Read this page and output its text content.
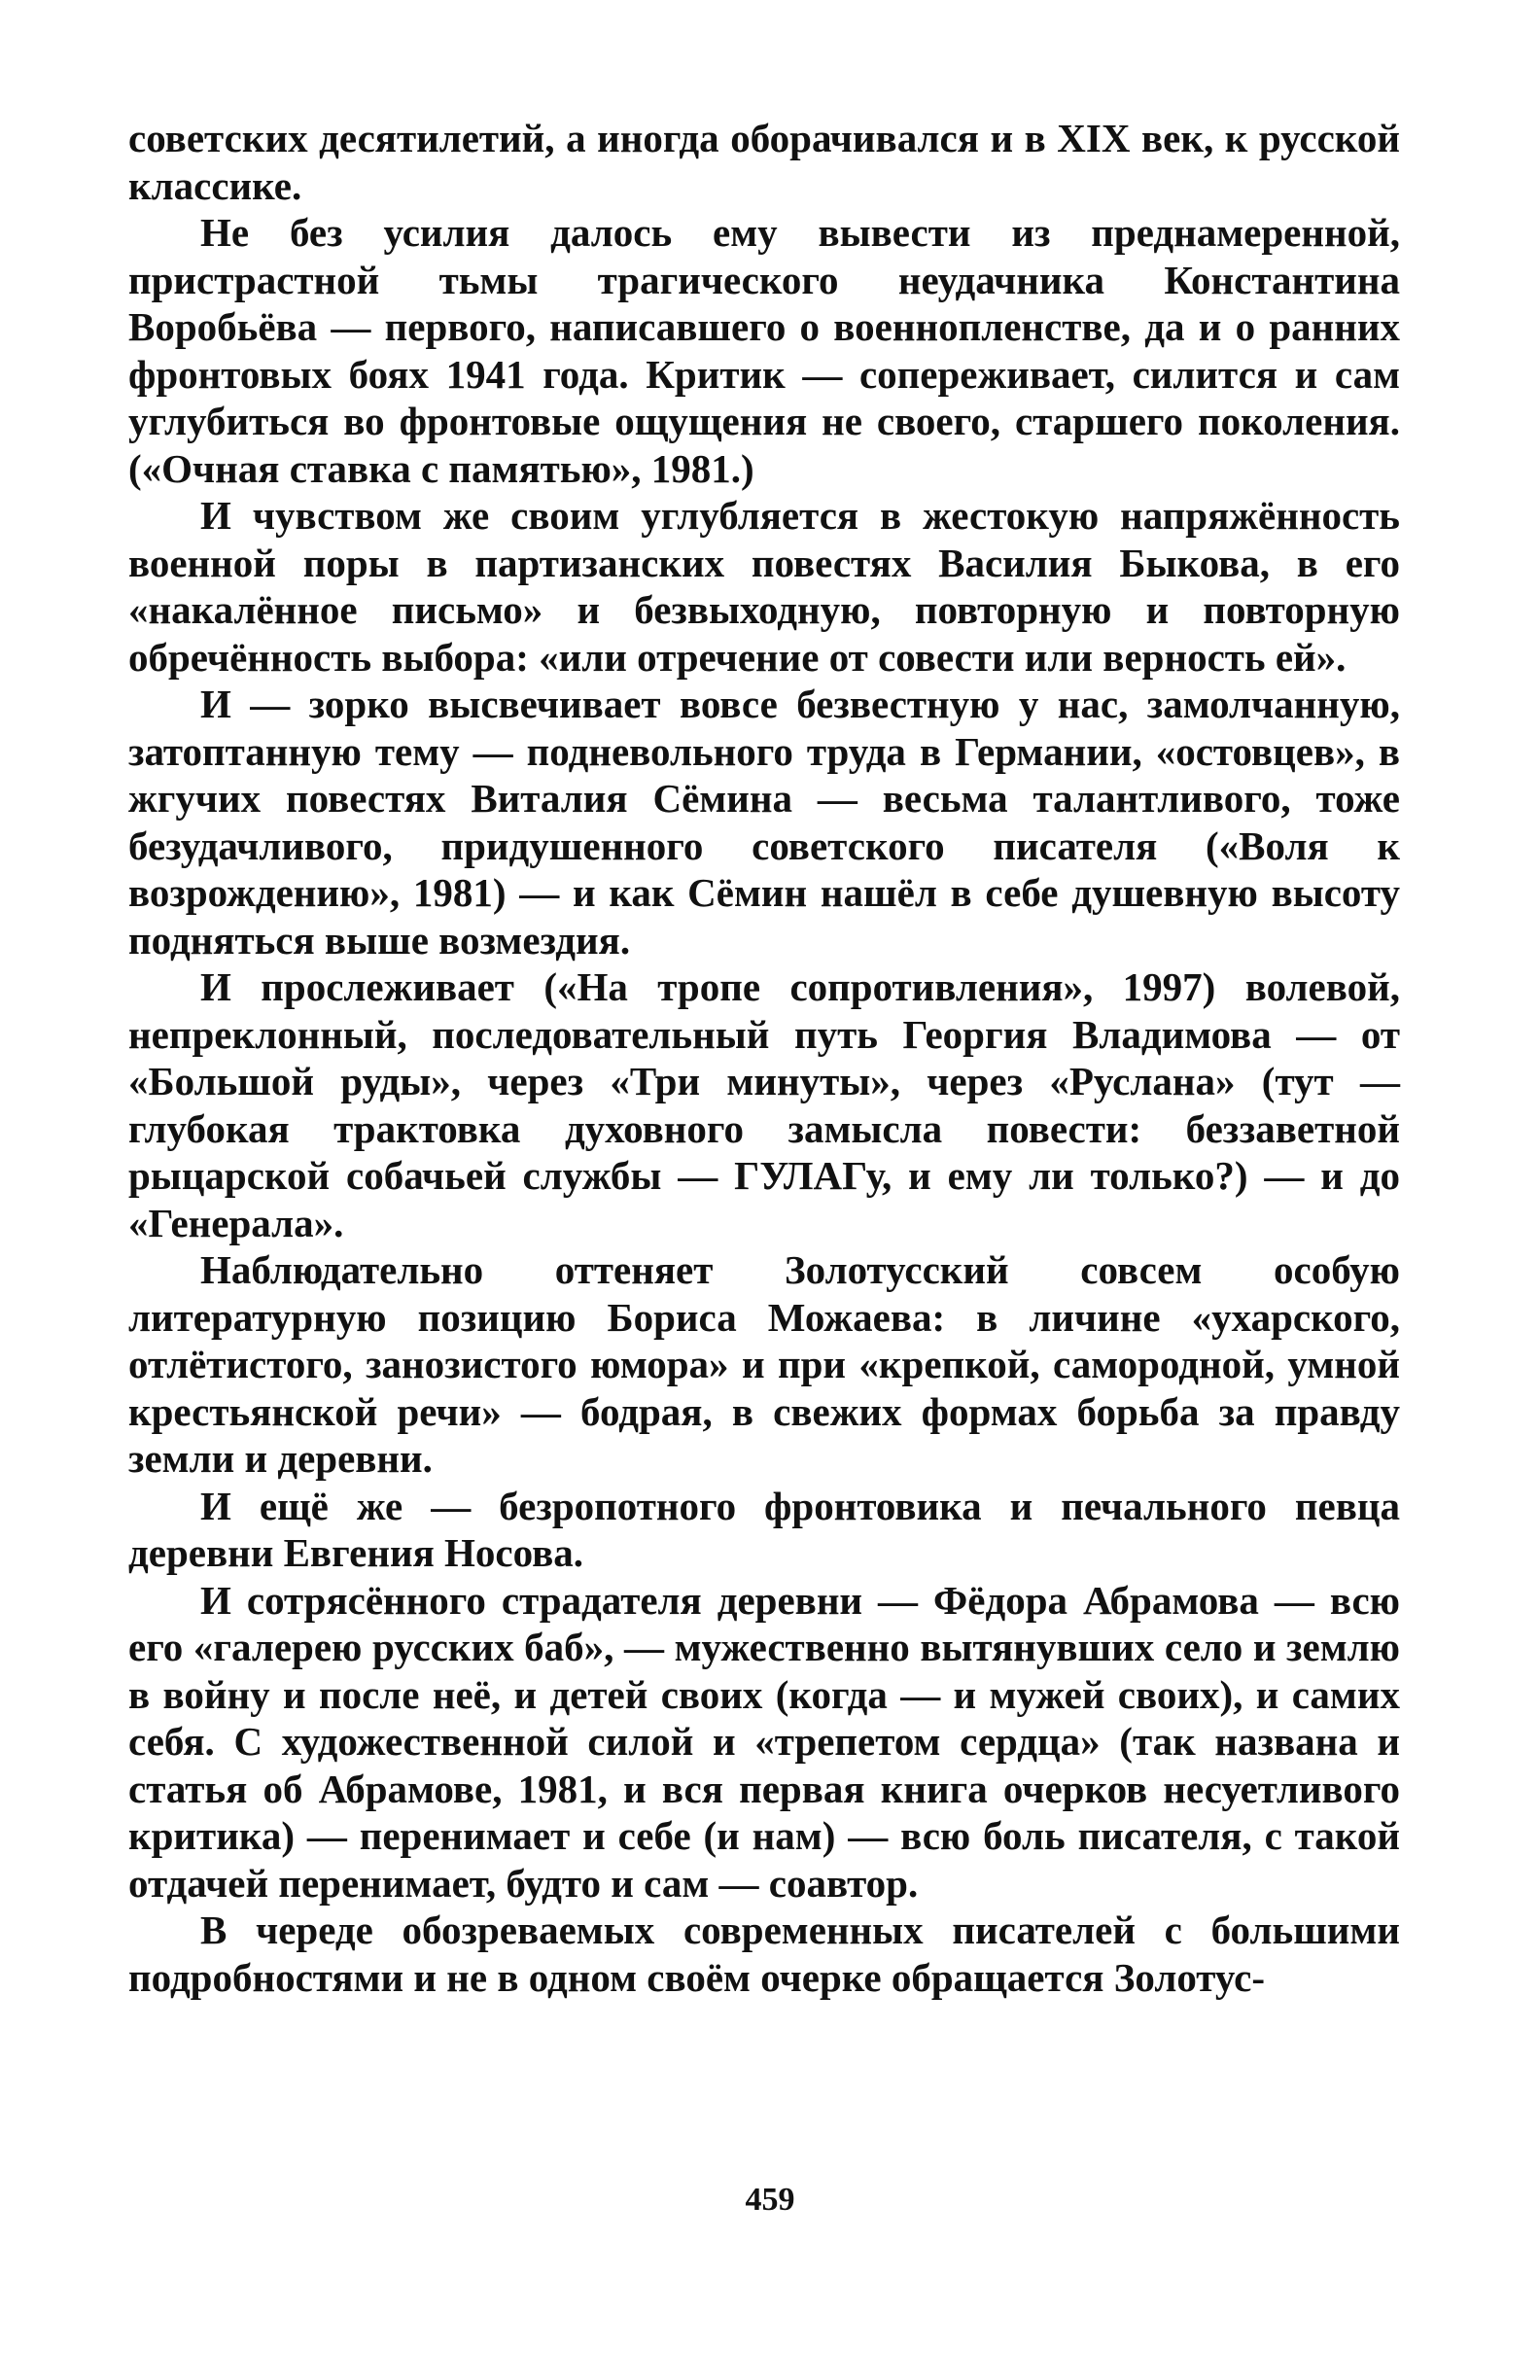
советских десятилетий, а иногда оборачивался и в XIX век, к русской классике.

Не без усилия далось ему вывести из преднамеренной, пристрастной тьмы трагического неудачника Константина Воробьёва — первого, написавшего о военнопленстве, да и о ранних фронтовых боях 1941 года. Критик — сопереживает, силится и сам углубиться во фронтовые ощущения не своего, старшего поколения. («Очная ставка с памятью», 1981.)

И чувством же своим углубляется в жестокую напряжённость военной поры в партизанских повестях Василия Быкова, в его «накалённое письмо» и безвыходную, повторную и повторную обречённость выбора: «или отречение от совести или верность ей».

И — зорко высвечивает вовсе безвестную у нас, замолчанную, затоптанную тему — подневольного труда в Германии, «остовцев», в жгучих повестях Виталия Сёмина — весьма талантливого, тоже безудачливого, придушенного советского писателя («Воля к возрождению», 1981) — и как Сёмин нашёл в себе душевную высоту подняться выше возмездия.

И прослеживает («На тропе сопротивления», 1997) волевой, непреклонный, последовательный путь Георгия Владимова — от «Большой руды», через «Три минуты», через «Руслана» (тут — глубокая трактовка духовного замысла повести: беззаветной рыцарской собачьей службы — ГУЛАГу, и ему ли только?) — и до «Генерала».

Наблюдательно оттеняет Золотусский совсем особую литературную позицию Бориса Можаева: в личине «ухарского, отлётистого, занозистого юмора» и при «крепкой, самородной, умной крестьянской речи» — бодрая, в свежих формах борьба за правду земли и деревни.

И ещё же — безропотного фронтовика и печального певца деревни Евгения Носова.

И сотрясённого страдателя деревни — Фёдора Абрамова — всю его «галерею русских баб», — мужественно вытянувших село и землю в войну и после неё, и детей своих (когда — и мужей своих), и самих себя. С художественной силой и «трепетом сердца» (так названа и статья об Абрамове, 1981, и вся первая книга очерков несуетливого критика) — перенимает и себе (и нам) — всю боль писателя, с такой отдачей перенимает, будто и сам — соавтор.

В череде обозреваемых современных писателей с большими подробностями и не в одном своём очерке обращается Золотус-

459
